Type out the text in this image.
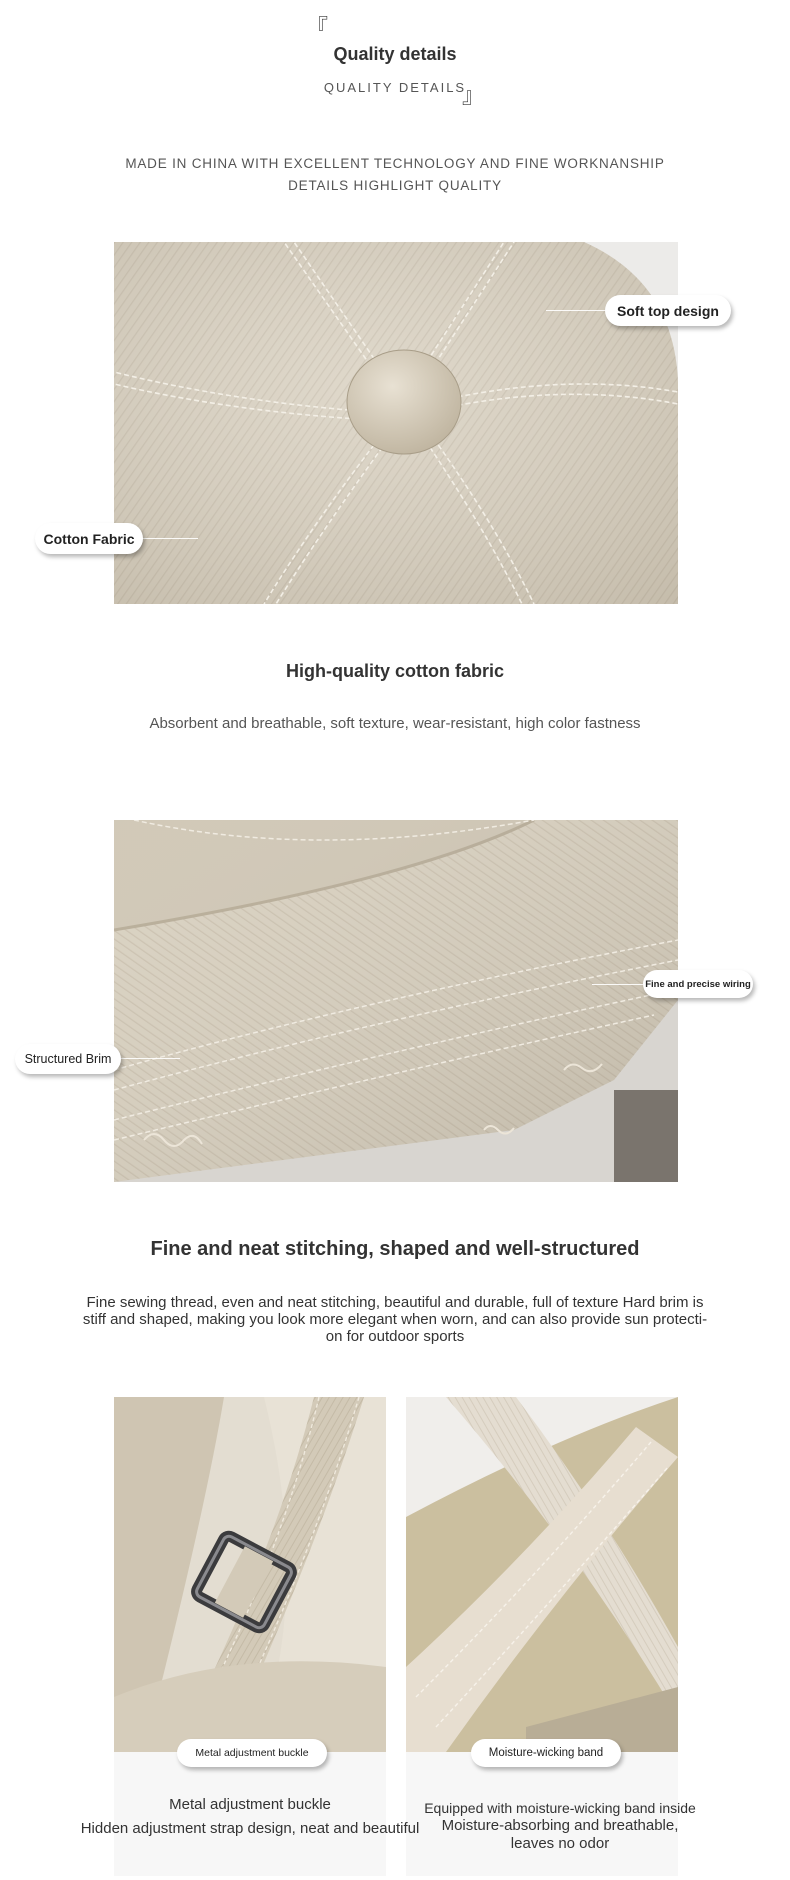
『
Quality details
QUALITY DETAILS
』
MADE IN CHINA WITH EXCELLENT TECHNOLOGY AND FINE WORKNANSHIP
DETAILS HIGHLIGHT QUALITY
Soft top design
Cotton Fabric
High-quality cotton fabric
Absorbent and breathable, soft texture, wear-resistant, high color fastness
Fine and precise wiring
Structured Brim
Fine and neat stitching, shaped and well-structured
Fine sewing thread, even and neat stitching, beautiful and durable, full of texture Hard brim is
stiff and shaped, making you look more elegant when worn, and can also provide sun protecti-
on for outdoor sports
Metal adjustment buckle	Moisture-wicking band
Metal adjustment buckle
Hidden adjustment strap design, neat and beautiful
Equipped with moisture-wicking band inside
Moisture-absorbing and breathable,
leaves no odor
